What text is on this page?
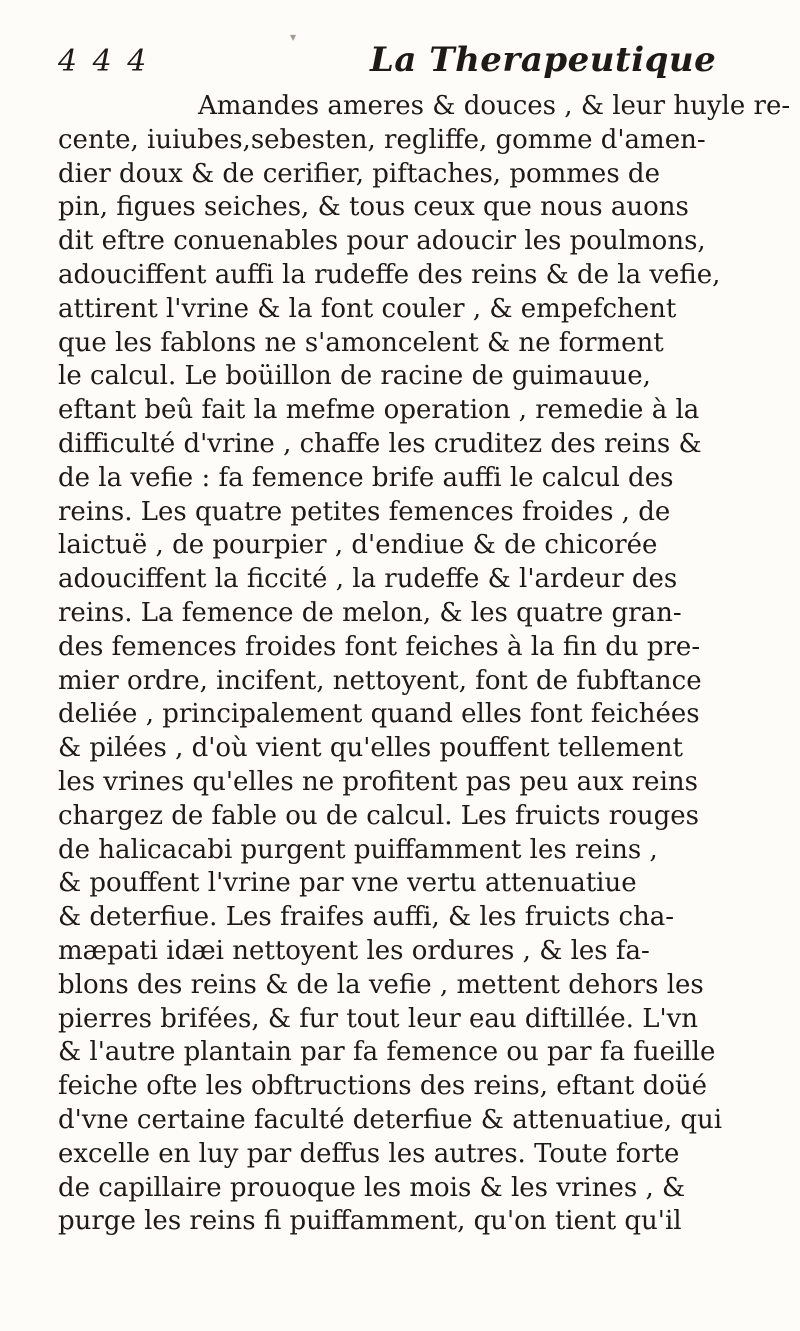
▾
4 4 4	La Therapeutique
Amandes ameres & douces , & leur huyle re-
cente, iuiubes,sebesten, regliffe, gomme d'amen-
dier doux & de cerifier, piftaches, pommes de
pin, figues seiches, & tous ceux que nous auons
dit eftre conuenables pour adoucir les poulmons,
adouciffent auffi la rudeffe des reins & de la vefie,
attirent l'vrine & la font couler , & empefchent
que les fablons ne s'amoncelent & ne forment
le calcul. Le boüillon de racine de guimauue,
eftant beû fait la mefme operation , remedie à la
difficulté d'vrine , chaffe les cruditez des reins &
de la vefie : fa femence brife auffi le calcul des
reins. Les quatre petites femences froides , de
laictuë , de pourpier , d'endiue & de chicorée
adouciffent la ficcité , la rudeffe & l'ardeur des
reins. La femence de melon, & les quatre gran-
des femences froides font feiches à la fin du pre-
mier ordre, incifent, nettoyent, font de fubftance
deliée , principalement quand elles font feichées
& pilées , d'où vient qu'elles pouffent tellement
les vrines qu'elles ne profitent pas peu aux reins
chargez de fable ou de calcul. Les fruicts rouges
de halicacabi purgent puiffamment les reins ,
& pouffent l'vrine par vne vertu attenuatiue
& deterfiue. Les fraifes auffi, & les fruicts cha-
mæpati idæi nettoyent les ordures , & les fa-
blons des reins & de la vefie , mettent dehors les
pierres brifées, & fur tout leur eau diftillée. L'vn
& l'autre plantain par fa femence ou par fa fueille
feiche ofte les obftructions des reins, eftant doüé
d'vne certaine faculté deterfiue & attenuatiue, qui
excelle en luy par deffus les autres. Toute forte
de capillaire prouoque les mois & les vrines , &
purge les reins fi puiffamment, qu'on tient qu'il
